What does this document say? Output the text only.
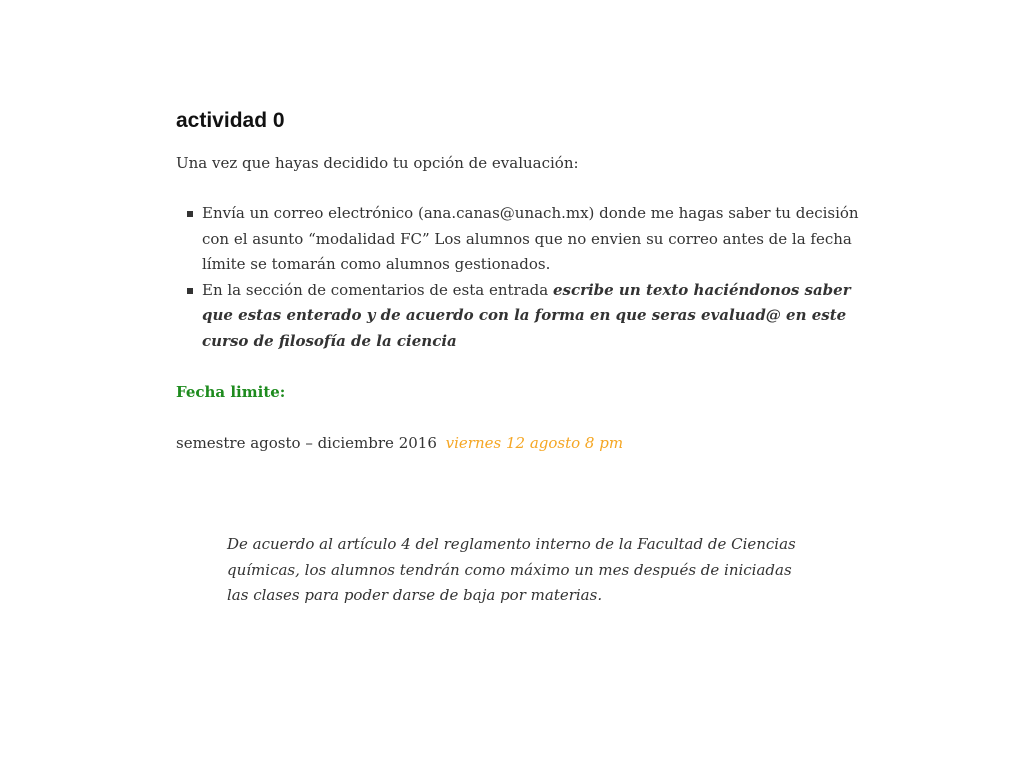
actividad 0

Una vez que hayas decidido tu opción de evaluación:

Envía un correo electrónico (ana.canas@unach.mx) donde me hagas saber tu decisión con el asunto “modalidad FC” Los alumnos que no envien su correo antes de la fecha límite se tomarán como alumnos gestionados.
En la sección de comentarios de esta entrada escribe un texto haciéndonos saber que estas enterado y de acuerdo con la forma en que seras evaluad@ en este curso de filosofía de la ciencia

Fecha limite:

semestre agosto – diciembre 2016 viernes 12 agosto 8 pm

De acuerdo al artículo 4 del reglamento interno de la Facultad de Ciencias químicas, los alumnos tendrán como máximo un mes después de iniciadas las clases para poder darse de baja por materias.
